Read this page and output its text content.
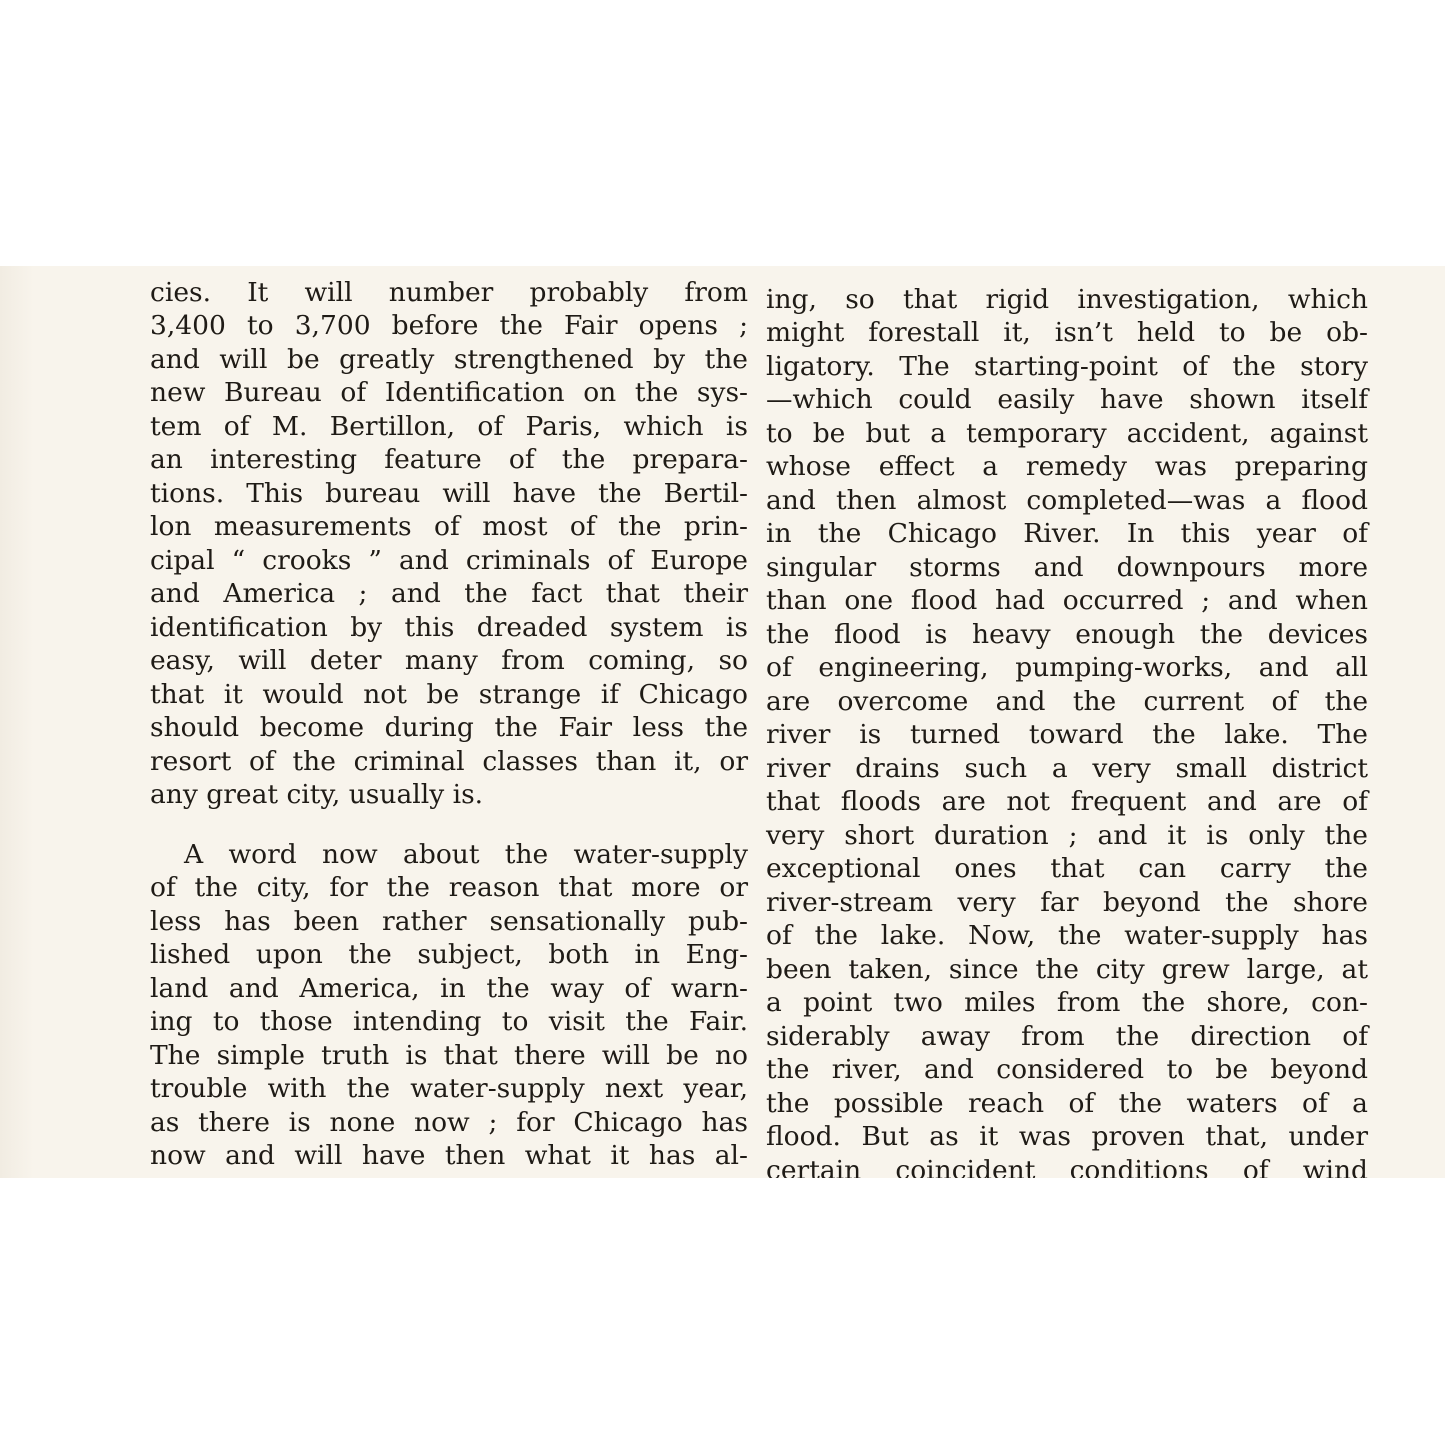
cies. It will number probably from
3,400 to 3,700 before the Fair opens ;
and will be greatly strengthened by the
new Bureau of Identification on the sys-
tem of M. Bertillon, of Paris, which is
an interesting feature of the prepara-
tions. This bureau will have the Bertil-
lon measurements of most of the prin-
cipal “ crooks ” and criminals of Europe
and America ; and the fact that their
identification by this dreaded system is
easy, will deter many from coming, so
that it would not be strange if Chicago
should become during the Fair less the
resort of the criminal classes than it, or
any great city, usually is.
A word now about the water-supply
of the city, for the reason that more or
less has been rather sensationally pub-
lished upon the subject, both in Eng-
land and America, in the way of warn-
ing to those intending to visit the Fair.
The simple truth is that there will be no
trouble with the water-supply next year,
as there is none now ; for Chicago has
now and will have then what it has al-
ing, so that rigid investigation, which
might forestall it, isn’t held to be ob-
ligatory. The starting-point of the story
—which could easily have shown itself
to be but a temporary accident, against
whose effect a remedy was preparing
and then almost completed—was a flood
in the Chicago River. In this year of
singular storms and downpours more
than one flood had occurred ; and when
the flood is heavy enough the devices
of engineering, pumping-works, and all
are overcome and the current of the
river is turned toward the lake. The
river drains such a very small district
that floods are not frequent and are of
very short duration ; and it is only the
exceptional ones that can carry the
river-stream very far beyond the shore
of the lake. Now, the water-supply has
been taken, since the city grew large, at
a point two miles from the shore, con-
siderably away from the direction of
the river, and considered to be beyond
the possible reach of the waters of a
flood. But as it was proven that, under
certain coincident conditions of wind
